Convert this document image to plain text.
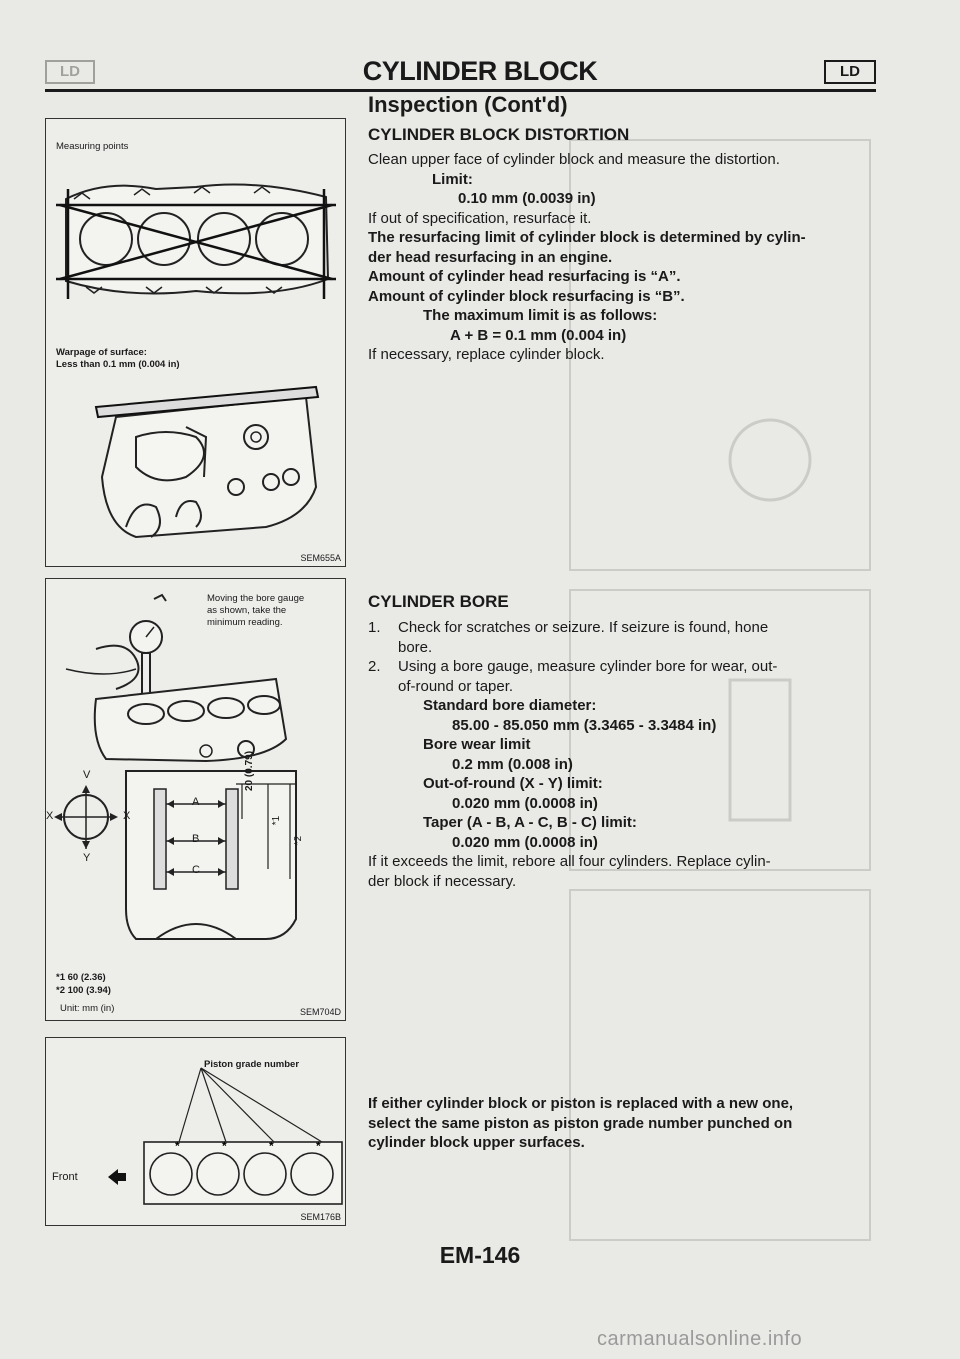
LD	CYLINDER BLOCK	LD
Inspection (Cont'd)
Measuring points
Warpage of surface:
Less than 0.1 mm (0.004 in)
SEM655A
Moving the bore gauge
as shown, take the
minimum reading.
V
X	X
Y
A
B
C
20 (0.79)
*1
*2
*1 60 (2.36)
*2 100 (3.94)
Unit: mm (in)	SEM704D
Piston grade number
*	*	*	*
Front
SEM176B
CYLINDER BLOCK DISTORTION
Clean upper face of cylinder block and measure the distortion.
Limit:
0.10 mm (0.0039 in)
If out of specification, resurface it.
The resurfacing limit of cylinder block is determined by cylin-
der head resurfacing in an engine.
Amount of cylinder head resurfacing is “A”.
Amount of cylinder block resurfacing is “B”.
The maximum limit is as follows:
A + B = 0.1 mm (0.004 in)
If necessary, replace cylinder block.
CYLINDER BORE
1. Check for scratches or seizure. If seizure is found, hone
bore.
2. Using a bore gauge, measure cylinder bore for wear, out-
of-round or taper.
Standard bore diameter:
85.00 - 85.050 mm (3.3465 - 3.3484 in)
Bore wear limit
0.2 mm (0.008 in)
Out-of-round (X - Y) limit:
0.020 mm (0.0008 in)
Taper (A - B, A - C, B - C) limit:
0.020 mm (0.0008 in)
If it exceeds the limit, rebore all four cylinders. Replace cylin-
der block if necessary.
If either cylinder block or piston is replaced with a new one,
select the same piston as piston grade number punched on
cylinder block upper surfaces.
EM-146
carmanualsonline.info
